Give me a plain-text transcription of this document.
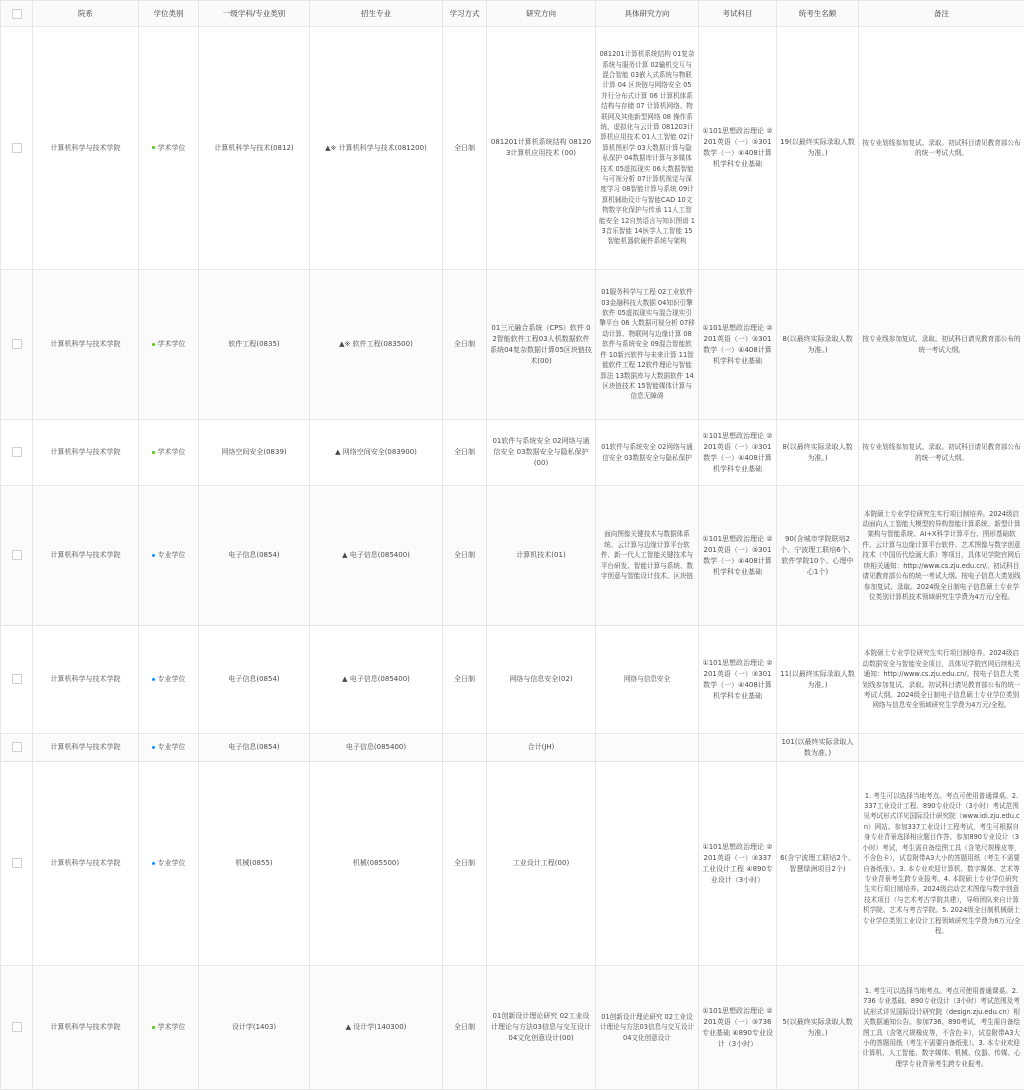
	院系	学位类别	一级学科/专业类别	招生专业	学习方式	研究方向	具体研究方向	考试科目	统考生名额	备注
	计算机科学与技术学院	学术学位	计算机科学与技术(0812)	▲※ 计算机科学与技术(081200)	全日制	081201计算机系统结构 081203计算机应用技术 (00)	081201计算机系统结构 01复杂系统与服务计算 02输机交互与混合智能 03嵌入式系统与物联计算 04 区块链与网络安全 05 并行分布式计算 06 计算机体系结构与存储 07 计算机网络、物联网及其他新型网络 08 操作系统、虚拟化与云计算 081203计算机应用技术 01人工智能 02计算机图形学 03大数据计算与隐私保护 04数据库计算与多媒体技术 05虚拟现实 06大数据智能与可视分析 07计算机视觉与深度学习 08智能计算与系统 09计算机辅助设计与智能CAD 10文物数字化保护与传承 11人工智能安全 12自然语言与知识图谱 13音乐智能 14医学人工智能 15 智能机器软硬件系统与架构	①101思想政治理论 ②201英语（一）③301数学（一）④408计算机学科专业基础	19(以最终实际录取人数为准。)	按专业划线参加复试、录取。初试科目请见教育部公布的统一考试大纲。
	计算机科学与技术学院	学术学位	软件工程(0835)	▲※ 软件工程(083500)	全日制	01三元融合系统（CPS）软件 02智能软件工程03人机数据软件系统04复杂数据计算05区块链技术(00)	01服务科学与工程 02工业软件 03金融科技大数据 04知识引擎软件 05虚拟现实与混合现实引擎平台 06 大数据可视分析 07移动计算、物联网与边缘计算 08软件与系统安全 09混合智能软件 10新兴软件与未来计算 11智能软件工程 12软件理论与智能算法 13数据库与大数据软件 14区块链技术 15智能媒体计算与信息无障碍	①101思想政治理论 ②201英语（一）③301数学（一）④408计算机学科专业基础	8(以最终实际录取人数为准。)	按专业线参加复试、录取。初试科目请见教育部公布的统一考试大纲。
	计算机科学与技术学院	学术学位	网络空间安全(0839)	▲ 网络空间安全(083900)	全日制	01软件与系统安全 02网络与通信安全 03数据安全与隐私保护(00)	01软件与系统安全 02网络与通信安全 03数据安全与隐私保护	①101思想政治理论 ②201英语（一）③301数学（一）④408计算机学科专业基础	8(以最终实际录取人数为准。)	按专业划线参加复试、录取。初试科目请见教育部公布的统一考试大纲。
	计算机科学与技术学院	专业学位	电子信息(0854)	▲ 电子信息(085400)	全日制	计算机技术(01)	面向图像关键技术与数据体系统、云计算与边缘计算平台软件、新一代人工智能关键技术与平台研发、智能计算与系统、数字创意与智能设计技术、区块链	①101思想政治理论 ②201英语（一）③301数学（一）④408计算机学科专业基础	90(含城市学院联培2个、宁波理工联培6个、软件学院10个、心理中心1个)	本院硕士专业学位研究生实行项目制培养。2024级启动面向人工智能大模型的异构智能计算系统、新型计算架构与智能系统、AI+X科学计算平台、图形基础软件、云计算与边缘计算平台软件、艺术图像与数字创意技术（中国历代绘画大系）等项目，具体见学院官网后续相关通知：http://www.cs.zju.edu.cn/。初试科目请见教育部公布的统一考试大纲。按电子信息大类划线参加复试、录取。2024级全日制电子信息硕士专业学位类别计算机技术领域研究生学费为4万元/全程。
	计算机科学与技术学院	专业学位	电子信息(0854)	▲ 电子信息(085400)	全日制	网络与信息安全(02)	网络与信息安全	①101思想政治理论 ②201英语（一）③301数学（一）④408计算机学科专业基础	11(以最终实际录取人数为准。)	本院硕士专业学位研究生实行项目制培养。2024级启动数据安全与智能安全项目，具体见学院官网后续相关通知：http://www.cs.zju.edu.cn/。按电子信息大类划线参加复试、录取。初试科目请见教育部公布的统一考试大纲。2024级全日制电子信息硕士专业学位类别网络与信息安全领域研究生学费为4万元/全程。
	计算机科学与技术学院	专业学位	电子信息(0854)	电子信息(085400)		合计(JH)			101(以最终实际录取人数为准。)	
	计算机科学与技术学院	专业学位	机械(0855)	机械(085500)	全日制	工业设计工程(00)		①101思想政治理论 ②201英语（一）③337工业设计工程 ④890专业设计（3小时）	6(含宁波理工联培2个、智慧绿洲项目2个)	1. 考生可以选择当地考点。考点可使用普通课桌。2. 337工业设计工程、890专业设计（3小时）考试范围见考试形式详见国际设计研究院（www.idi.zju.edu.cn）网站。参加337工业设计工程考试，考生可根据自身专业背景选择相应题目作答。参加890专业设计（3小时）考试，考生需自备绘图工具（含笔尺规橡皮等，不含色卡），试卷附带A3大小的答题用纸（考生不需要自备纸张）。3. 本专业欢迎计算机、数字媒体、艺术等专业背景考生跨专业报考。4. 本院硕士专业学位研究生实行项目制培养。2024级启动艺术图像与数字创意技术项目（与艺术考古学院共建），导师团队来自计算机学院、艺术与考古学院。5. 2024级全日制机械硕士专业学位类别工业设计工程领域研究生学费为6万元/全程。
	计算机科学与技术学院	学术学位	设计学(1403)	▲ 设计学(140300)	全日制	01创新设计理论研究 02工业设计理论与方法03信息与交互设计 04文化创意设计(00)	01创新设计理论研究 02工业设计理论与方法03信息与交互设计 04文化创意设计	①101思想政治理论 ②201英语（一）③736专业基础 ④890专业设计（3小时）	5(以最终实际录取人数为准。)	1. 考生可以选择当地考点。考点可使用普通课桌。2. 736 专业基础、890专业设计（3小时）考试范围及考试形式详见国际设计研究院（design.zju.edu.cn）相关数据通知公告。参加736、890考试，考生需自备绘图工具（含笔尺规橡皮等，不含色卡），试卷附带A3大小的答题用纸（考生不需要自备纸张）。3. 本专业欢迎计算机、人工智能、数字媒体、机械、仪器、传媒、心理学专业背景考生跨专业报考。
